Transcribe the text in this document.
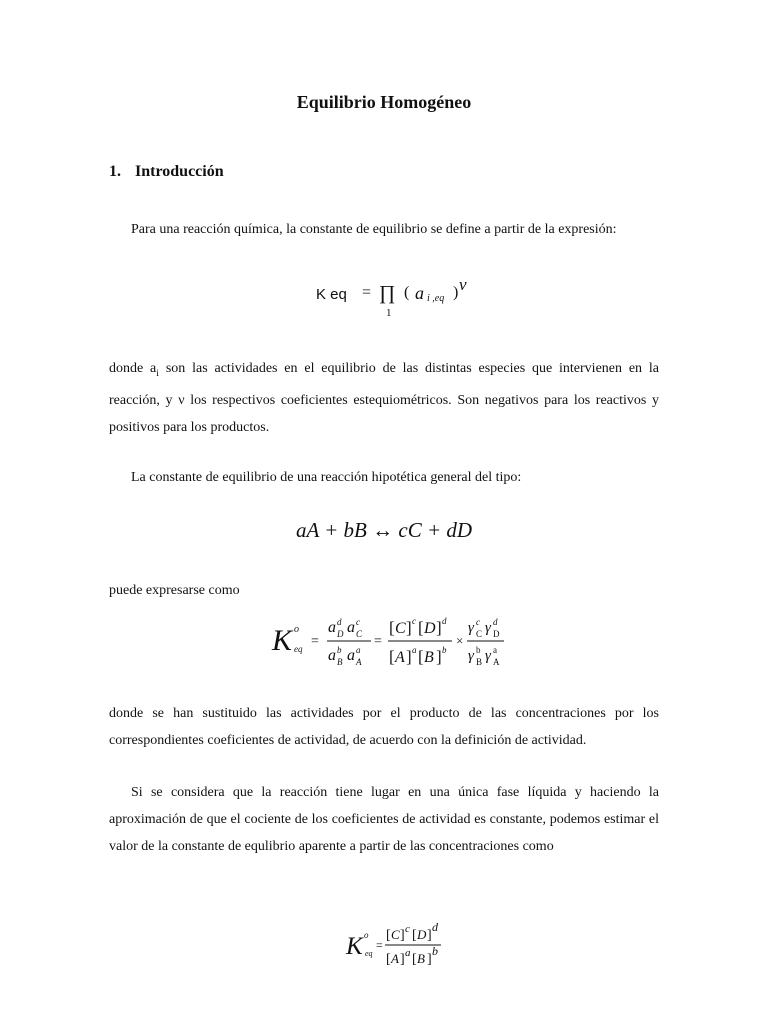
Equilibrio Homogéneo
1. Introducción
Para una reacción química, la constante de equilibrio se define a partir de la expresión:
K eq = ∏
1
( a i ,eq ) ν
donde $a_i$ son las actividades en el equilibrio de las distintas especies que intervienen en la reacción, y ν los respectivos coeficientes estequiométricos. Son negativos para los reactivos y positivos para los productos.
La constante de equilibrio de una reacción hipotética general del tipo:
aA + bB ↔ cC + dD
puede expresarse como
K o
eq =
a D
d a C
c
a B
b a A
a
=
[ C ] c [ D ] d
[ A ] a [ B ] b
×
γ C
c γ D
d
γ B
b γ A
a
donde se han sustituido las actividades por el producto de las concentraciones por los correspondientes coeficientes de actividad, de acuerdo con la definición de actividad.
Si se considera que la reacción tiene lugar en una única fase líquida y haciendo la aproximación de que el cociente de los coeficientes de actividad es constante, podemos estimar el valor de la constante de equlibrio aparente a partir de las concentraciones como
K o
eq
=
[ C ] c [ D ]
d
[ A ] a [ B ]
b
